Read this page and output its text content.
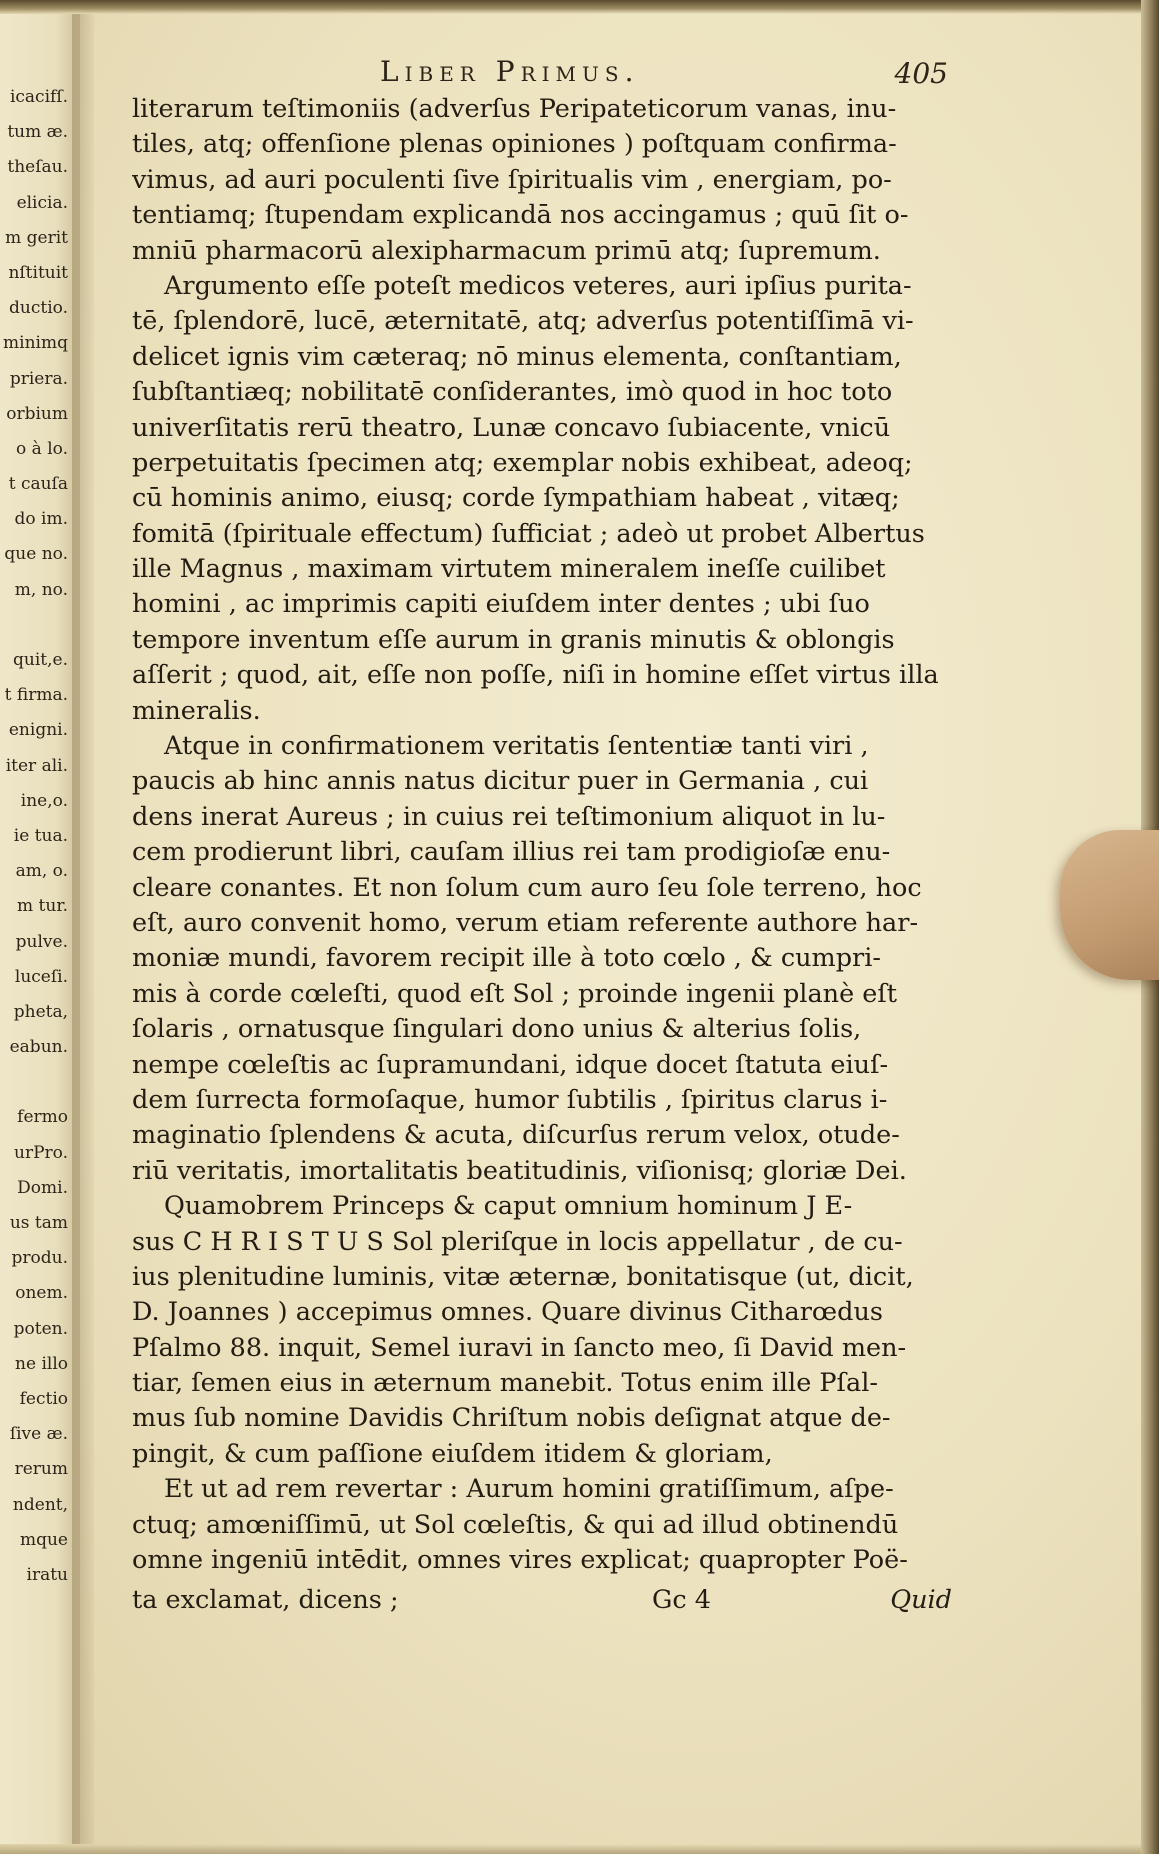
icacifſ.
tum æ.
theſau.
elicia.
m gerit
nſtituit
ductio.
minimq
priera.
orbium
o à lo.
t cauſa
do im.
que no.
m, no.
quit,e.
t firma.
enigni.
iter ali.
ine,o.
ie tua.
am, o.
m tur.
pulve.
luceſi.
pheta,
eabun.
fermo
urPro.
Domi.
us tam
produ.
onem.
poten.
ne illo
fectio
ſive æ.
rerum
ndent,
mque
iratu
Liber Primus.	405
literarum teſtimoniis (adverſus Peripateticorum vanas, inu-
tiles, atq; offenſione plenas opiniones ) poſtquam confirma-
vimus, ad auri poculenti ſive ſpiritualis vim , energiam, po-
tentiamq; ſtupendam explicandā nos accingamus ; quū ſit o-
mniū pharmacorū alexipharmacum primū atq; ſupremum.
Argumento eſſe poteſt medicos veteres, auri ipſius purita-
tē, ſplendorē, lucē, æternitatē, atq; adverſus potentiſſimā vi-
delicet ignis vim cæteraq; nō minus elementa, conſtantiam,
ſubſtantiæq; nobilitatē conſiderantes, imò quod in hoc toto
univerſitatis rerū theatro, Lunæ concavo ſubiacente, vnicū
perpetuitatis ſpecimen atq; exemplar nobis exhibeat, adeoq;
cū hominis animo, eiusq; corde ſympathiam habeat , vitæq;
fomitā (ſpirituale effectum) ſufficiat ; adeò ut probet Albertus
ille Magnus , maximam virtutem mineralem ineſſe cuilibet
homini , ac imprimis capiti eiuſdem inter dentes ; ubi ſuo
tempore inventum eſſe aurum in granis minutis & oblongis
aſſerit ; quod, ait, eſſe non poſſe, niſi in homine eſſet virtus illa
mineralis.
Atque in confirmationem veritatis ſententiæ tanti viri ,
paucis ab hinc annis natus dicitur puer in Germania , cui
dens inerat Aureus ; in cuius rei teſtimonium aliquot in lu-
cem prodierunt libri, cauſam illius rei tam prodigioſæ enu-
cleare conantes. Et non ſolum cum auro ſeu ſole terreno, hoc
eſt, auro convenit homo, verum etiam referente authore har-
moniæ mundi, favorem recipit ille à toto cœlo , & cumpri-
mis à corde cœleſti, quod eſt Sol ; proinde ingenii planè eſt
ſolaris , ornatusque ſingulari dono unius & alterius ſolis,
nempe cœleſtis ac ſupramundani, idque docet ſtatuta eiuſ-
dem ſurrecta formoſaque, humor ſubtilis , ſpiritus clarus i-
maginatio ſplendens & acuta, diſcurſus rerum velox, otude-
riū veritatis, imortalitatis beatitudinis, viſionisq; gloriæ Dei.
Quamobrem Princeps & caput omnium hominum J E-
sus C H R I S T U S Sol pleriſque in locis appellatur , de cu-
ius plenitudine luminis, vitæ æternæ, bonitatisque (ut, dicit,
D. Joannes ) accepimus omnes. Quare divinus Citharœdus
Pſalmo 88. inquit, Semel iuravi in ſancto meo, ſi David men-
tiar, ſemen eius in æternum manebit. Totus enim ille Pſal-
mus ſub nomine Davidis Chriſtum nobis deſignat atque de-
pingit, & cum paſſione eiuſdem itidem & gloriam,
Et ut ad rem revertar : Aurum homini gratiſſimum, aſpe-
ctuq; amœniſſimū, ut Sol cœleſtis, & qui ad illud obtinendū
omne ingeniū intēdit, omnes vires explicat; quapropter Poë-
ta exclamat, dicens ;	Gc 4	Quid
